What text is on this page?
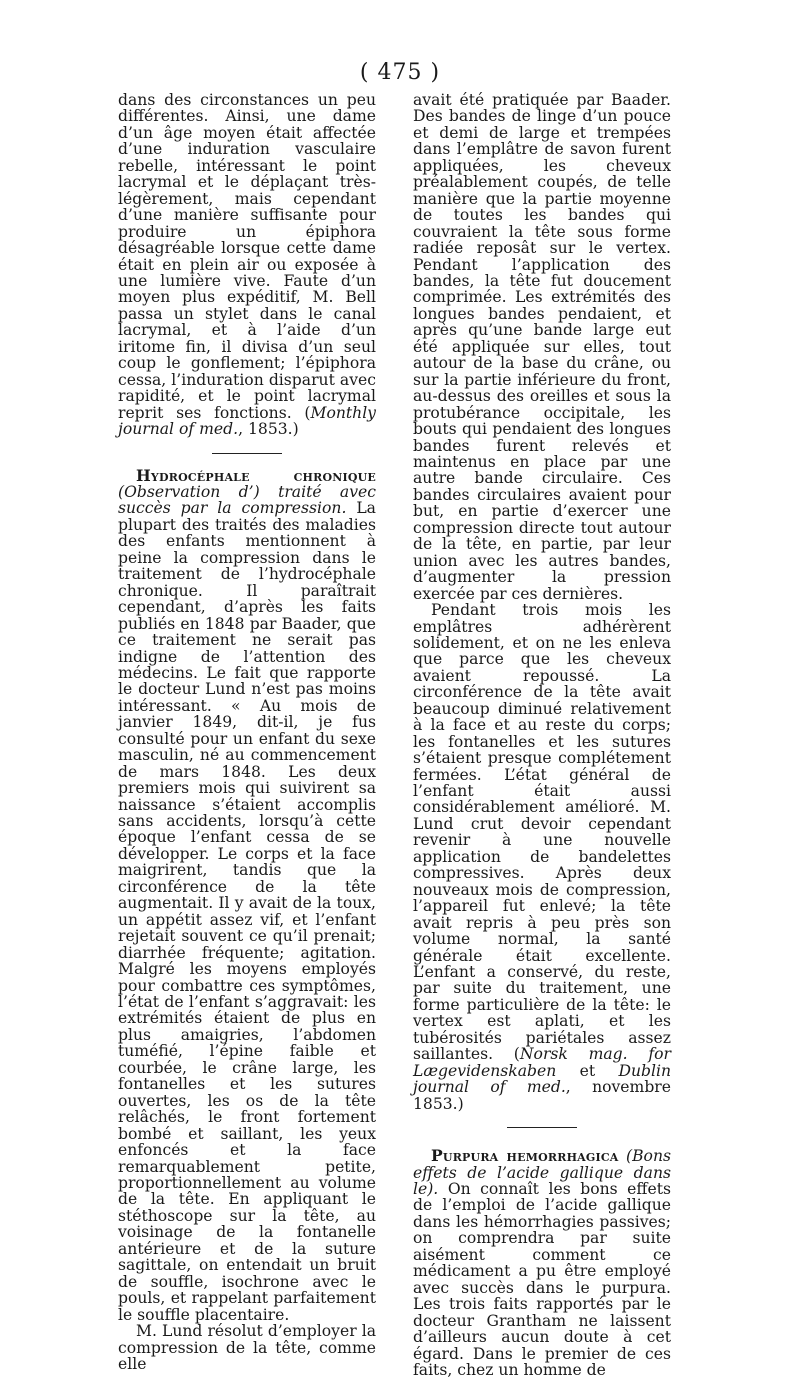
( 475 )

dans des circonstances un peu différentes. Ainsi, une dame d’un âge moyen était affectée d’une induration vasculaire rebelle, intéressant le point lacrymal et le déplaçant très-légèrement, mais cependant d’une manière suffisante pour produire un épiphora désagréable lorsque cette dame était en plein air ou exposée à une lumière vive. Faute d’un moyen plus expéditif, M. Bell passa un stylet dans le canal lacrymal, et à l’aide d’un iritome fin, il divisa d’un seul coup le gonflement; l’épiphora cessa, l’induration disparut avec rapidité, et le point lacrymal reprit ses fonctions. (Monthly journal of med., 1853.)

Hydrocéphale chronique (Observation d’) traité avec succès par la compression. La plupart des traités des maladies des enfants mentionnent à peine la compression dans le traitement de l’hydrocéphale chronique. Il paraîtrait cependant, d’après les faits publiés en 1848 par Baader, que ce traitement ne serait pas indigne de l’attention des médecins. Le fait que rapporte le docteur Lund n’est pas moins intéressant. « Au mois de janvier 1849, dit-il, je fus consulté pour un enfant du sexe masculin, né au commencement de mars 1848. Les deux premiers mois qui suivirent sa naissance s’étaient accomplis sans accidents, lorsqu’à cette époque l’enfant cessa de se développer. Le corps et la face maigrirent, tandis que la circonférence de la tête augmentait. Il y avait de la toux, un appétit assez vif, et l’enfant rejetait souvent ce qu’il prenait; diarrhée fréquente; agitation. Malgré les moyens employés pour combattre ces symptômes, l’état de l’enfant s’aggravait: les extrémités étaient de plus en plus amaigries, l’abdomen tuméfié, l’épine faible et courbée, le crâne large, les fontanelles et les sutures ouvertes, les os de la tête relâchés, le front fortement bombé et saillant, les yeux enfoncés et la face remarquablement petite, proportionnellement au volume de la tête. En appliquant le stéthoscope sur la tête, au voisinage de la fontanelle antérieure et de la suture sagittale, on entendait un bruit de souffle, isochrone avec le pouls, et rappelant parfaitement le souffle placentaire.

M. Lund résolut d’employer la compression de la tête, comme elle

avait été pratiquée par Baader. Des bandes de linge d’un pouce et demi de large et trempées dans l’emplâtre de savon furent appliquées, les cheveux préalablement coupés, de telle manière que la partie moyenne de toutes les bandes qui couvraient la tête sous forme radiée reposât sur le vertex. Pendant l’application des bandes, la tête fut doucement comprimée. Les extrémités des longues bandes pendaient, et après qu’une bande large eut été appliquée sur elles, tout autour de la base du crâne, ou sur la partie inférieure du front, au-dessus des oreilles et sous la protubérance occipitale, les bouts qui pendaient des longues bandes furent relevés et maintenus en place par une autre bande circulaire. Ces bandes circulaires avaient pour but, en partie d’exercer une compression directe tout autour de la tête, en partie, par leur union avec les autres bandes, d’augmenter la pression exercée par ces dernières.

Pendant trois mois les emplâtres adhérèrent solidement, et on ne les enleva que parce que les cheveux avaient repoussé. La circonférence de la tête avait beaucoup diminué relativement à la face et au reste du corps; les fontanelles et les sutures s’étaient presque complétement fermées. L’état général de l’enfant était aussi considérablement amélioré. M. Lund crut devoir cependant revenir à une nouvelle application de bandelettes compressives. Après deux nouveaux mois de compression, l’appareil fut enlevé; la tête avait repris à peu près son volume normal, la santé générale était excellente. L’enfant a conservé, du reste, par suite du traitement, une forme particulière de la tête: le vertex est aplati, et les tubérosités pariétales assez saillantes. (Norsk mag. for Lægevidenskaben et Dublin journal of med., novembre 1853.)

Purpura hemorrhagica (Bons effets de l’acide gallique dans le). On connaît les bons effets de l’emploi de l’acide gallique dans les hémorrhagies passives; on comprendra par suite aisément comment ce médicament a pu être employé avec succès dans le purpura. Les trois faits rapportés par le docteur Grantham ne laissent d’ailleurs aucun doute à cet égard. Dans le premier de ces faits, chez un homme de
